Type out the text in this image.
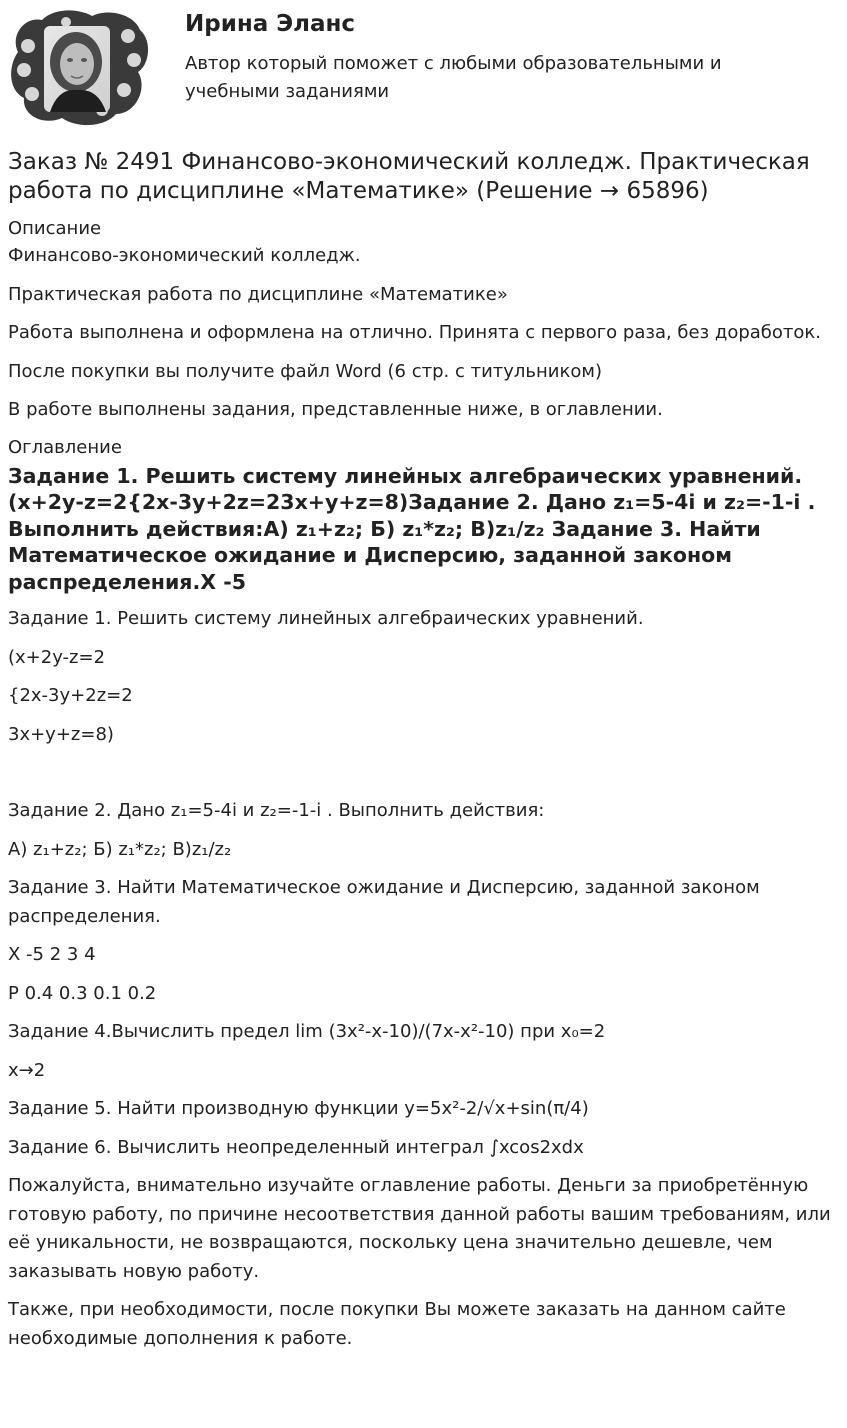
Ирина Эланс
Автор который поможет с любыми образовательными и учебными заданиями
Заказ № 2491 Финансово-экономический колледж. Практическая работа по дисциплине «Математике» (Решение → 65896)
Описание

Финансово-экономический колледж.

Практическая работа по дисциплине «Математике»

Работа выполнена и оформлена на отлично. Принята с первого раза, без доработок.

После покупки вы получите файл Word (6 стр. с титульником)

В работе выполнены задания, представленные ниже, в оглавлении.

Оглавление
Задание 1. Решить систему линейных алгебраических уравнений.(x+2y-z=2{2x-3y+2z=23x+y+z=8)Задание 2. Дано z₁=5-4i и z₂=-1-i . Выполнить действия:А) z₁+z₂; Б) z₁*z₂; В)z₁/z₂ Задание 3. Найти Математическое ожидание и Дисперсию, заданной законом распределения.X -5

Задание 1. Решить систему линейных алгебраических уравнений.

(x+2y-z=2

{2x-3y+2z=2

3x+y+z=8)

Задание 2. Дано z₁=5-4i и z₂=-1-i . Выполнить действия:

А) z₁+z₂; Б) z₁*z₂; В)z₁/z₂

Задание 3. Найти Математическое ожидание и Дисперсию, заданной законом распределения.

X -5 2 3 4

P 0.4 0.3 0.1 0.2

Задание 4.Вычислить предел lim (3x²-x-10)/(7x-x²-10) при x₀=2

x→2

Задание 5. Найти производную функции y=5x²-2/√x+sin(π/4)

Задание 6. Вычислить неопределенный интеграл ∫xcos2xdx

Пожалуйста, внимательно изучайте оглавление работы. Деньги за приобретённую готовую работу, по причине несоответствия данной работы вашим требованиям, или её уникальности, не возвращаются, поскольку цена значительно дешевле, чем заказывать новую работу.

Также, при необходимости, после покупки Вы можете заказать на данном сайте необходимые дополнения к работе.
